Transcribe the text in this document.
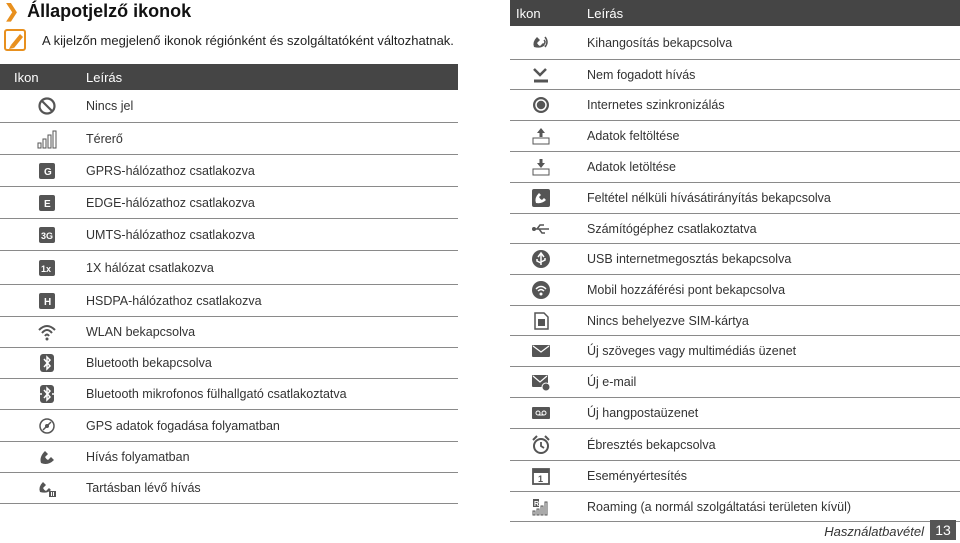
❯ Állapotjelző ikonok
A kijelzőn megjelenő ikonok régiónként és szolgáltatóként változhatnak.
Ikon	Leírás
Nincs jel
Térerő
G	GPRS-hálózathoz csatlakozva
E	EDGE-hálózathoz csatlakozva
3G	UMTS-hálózathoz csatlakozva
1x	1X hálózat csatlakozva
H	HSDPA-hálózathoz csatlakozva
WLAN bekapcsolva
Bluetooth bekapcsolva
Bluetooth mikrofonos fülhallgató csatlakoztatva
GPS adatok fogadása folyamatban
Hívás folyamatban
Tartásban lévő hívás
Ikon	Leírás
Kihangosítás bekapcsolva
Nem fogadott hívás
Internetes szinkronizálás
Adatok feltöltése
Adatok letöltése
Feltétel nélküli hívásátirányítás bekapcsolva
Számítógéphez csatlakoztatva
USB internetmegosztás bekapcsolva
Mobil hozzáférési pont bekapcsolva
Nincs behelyezve SIM-kártya
Új szöveges vagy multimédiás üzenet
Új e-mail
Új hangpostaüzenet
Ébresztés bekapcsolva
1	Eseményértesítés
R	Roaming (a normál szolgáltatási területen kívül)
Használatbavétel 13
